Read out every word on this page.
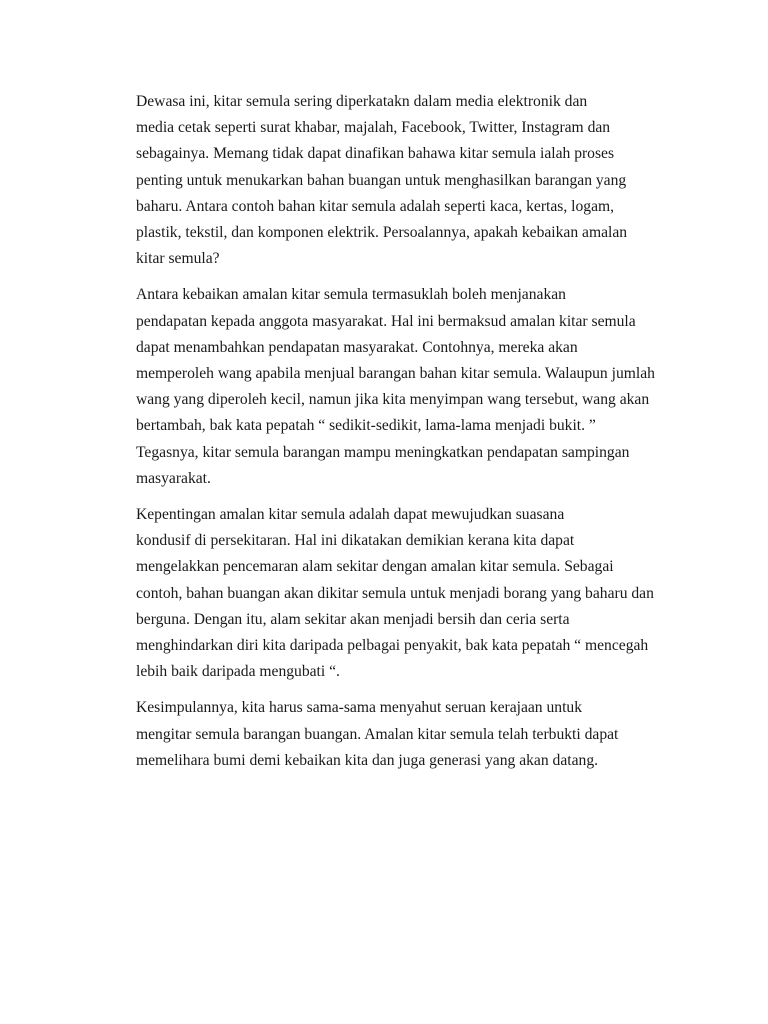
Dewasa ini, kitar semula sering diperkatakn dalam media elektronik dan
media cetak seperti surat khabar, majalah, Facebook, Twitter, Instagram dan
sebagainya. Memang tidak dapat dinafikan bahawa kitar semula ialah proses
penting untuk menukarkan bahan buangan untuk menghasilkan barangan yang
baharu. Antara contoh bahan kitar semula adalah seperti kaca, kertas, logam,
plastik, tekstil, dan komponen elektrik. Persoalannya, apakah kebaikan amalan
kitar semula?

Antara kebaikan amalan kitar semula termasuklah boleh menjanakan
pendapatan kepada anggota masyarakat. Hal ini bermaksud amalan kitar semula
dapat menambahkan pendapatan masyarakat. Contohnya, mereka akan
memperoleh wang apabila menjual barangan bahan kitar semula. Walaupun jumlah
wang yang diperoleh kecil, namun jika kita menyimpan wang tersebut, wang akan
bertambah, bak kata pepatah “ sedikit-sedikit, lama-lama menjadi bukit. ”
Tegasnya, kitar semula barangan mampu meningkatkan pendapatan sampingan
masyarakat.

Kepentingan amalan kitar semula adalah dapat mewujudkan suasana
kondusif di persekitaran. Hal ini dikatakan demikian kerana kita dapat
mengelakkan pencemaran alam sekitar dengan amalan kitar semula. Sebagai
contoh, bahan buangan akan dikitar semula untuk menjadi borang yang baharu dan
berguna. Dengan itu, alam sekitar akan menjadi bersih dan ceria serta
menghindarkan diri kita daripada pelbagai penyakit, bak kata pepatah “ mencegah
lebih baik daripada mengubati “.

Kesimpulannya, kita harus sama-sama menyahut seruan kerajaan untuk
mengitar semula barangan buangan. Amalan kitar semula telah terbukti dapat
memelihara bumi demi kebaikan kita dan juga generasi yang akan datang.
